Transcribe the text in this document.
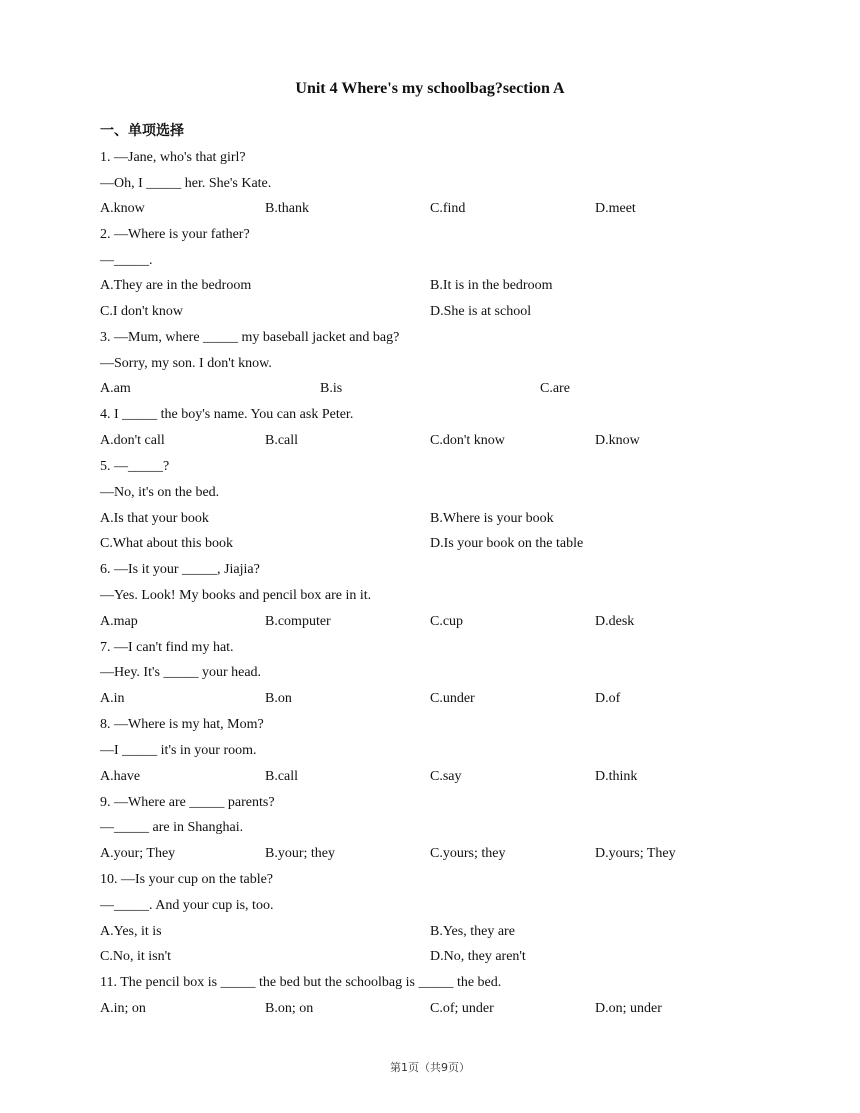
Unit 4 Where's my schoolbag?section A
一、单项选择
1. —Jane, who's that girl?
—Oh, I _____ her. She's Kate.
A.know	B.thank	C.find	D.meet
2. —Where is your father?
—_____.
A.They are in the bedroom	B.It is in the bedroom
C.I don't know	D.She is at school
3. —Mum, where _____ my baseball jacket and bag?
—Sorry, my son. I don't know.
A.am	B.is	C.are
4. I _____ the boy's name. You can ask Peter.
A.don't call	B.call	C.don't know	D.know
5. —_____?
—No, it's on the bed.
A.Is that your book	B.Where is your book
C.What about this book	D.Is your book on the table
6. —Is it your _____, Jiajia?
—Yes. Look! My books and pencil box are in it.
A.map	B.computer	C.cup	D.desk
7. —I can't find my hat.
—Hey. It's _____ your head.
A.in	B.on	C.under	D.of
8. —Where is my hat, Mom?
—I _____ it's in your room.
A.have	B.call	C.say	D.think
9. —Where are _____ parents?
—_____ are in Shanghai.
A.your; They	B.your; they	C.yours; they	D.yours; They
10. —Is your cup on the table?
—_____. And your cup is, too.
A.Yes, it is	B.Yes, they are
C.No, it isn't	D.No, they aren't
11. The pencil box is _____ the bed but the schoolbag is _____ the bed.
A.in; on	B.on; on	C.of; under	D.on; under
第1页（共9页）
